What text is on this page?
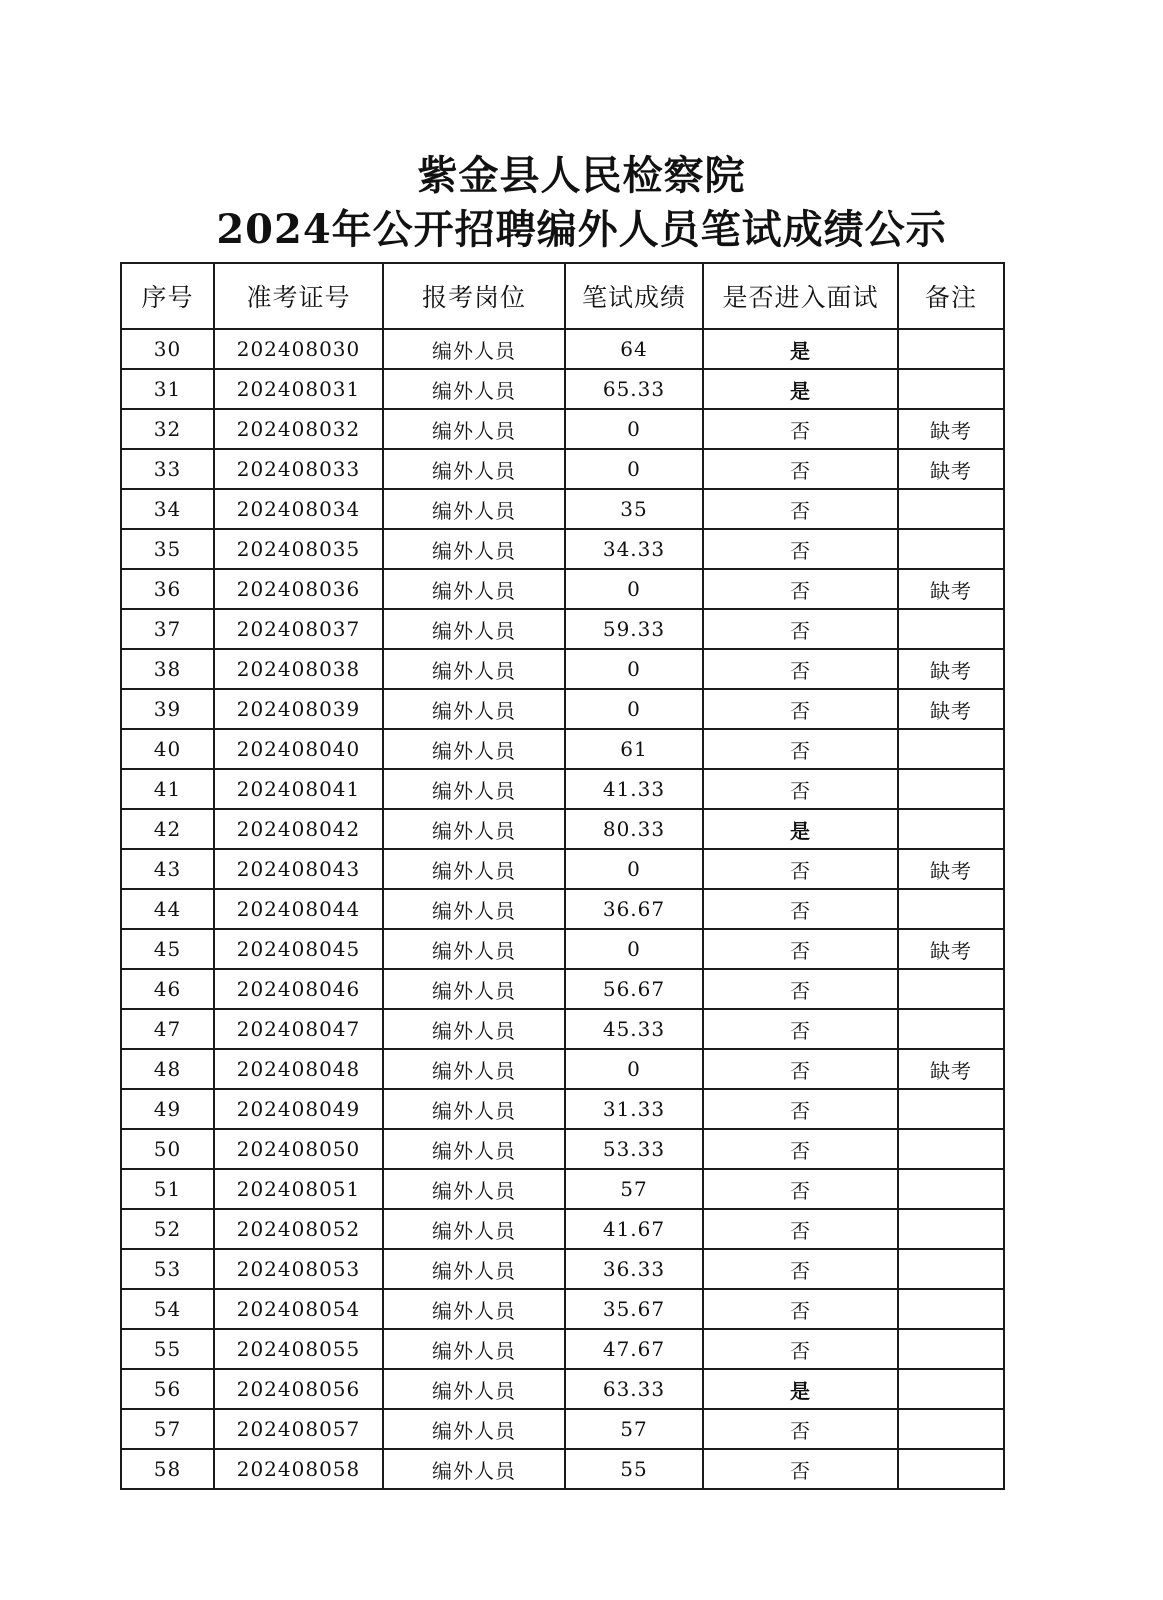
紫金县人民检察院
2024年公开招聘编外人员笔试成绩公示
序号	准考证号	报考岗位	笔试成绩	是否进入面试	备注
30	202408030	编外人员	64	是	
31	202408031	编外人员	65.33	是	
32	202408032	编外人员	0	否	缺考
33	202408033	编外人员	0	否	缺考
34	202408034	编外人员	35	否	
35	202408035	编外人员	34.33	否	
36	202408036	编外人员	0	否	缺考
37	202408037	编外人员	59.33	否	
38	202408038	编外人员	0	否	缺考
39	202408039	编外人员	0	否	缺考
40	202408040	编外人员	61	否	
41	202408041	编外人员	41.33	否	
42	202408042	编外人员	80.33	是	
43	202408043	编外人员	0	否	缺考
44	202408044	编外人员	36.67	否	
45	202408045	编外人员	0	否	缺考
46	202408046	编外人员	56.67	否	
47	202408047	编外人员	45.33	否	
48	202408048	编外人员	0	否	缺考
49	202408049	编外人员	31.33	否	
50	202408050	编外人员	53.33	否	
51	202408051	编外人员	57	否	
52	202408052	编外人员	41.67	否	
53	202408053	编外人员	36.33	否	
54	202408054	编外人员	35.67	否	
55	202408055	编外人员	47.67	否	
56	202408056	编外人员	63.33	是	
57	202408057	编外人员	57	否	
58	202408058	编外人员	55	否	
